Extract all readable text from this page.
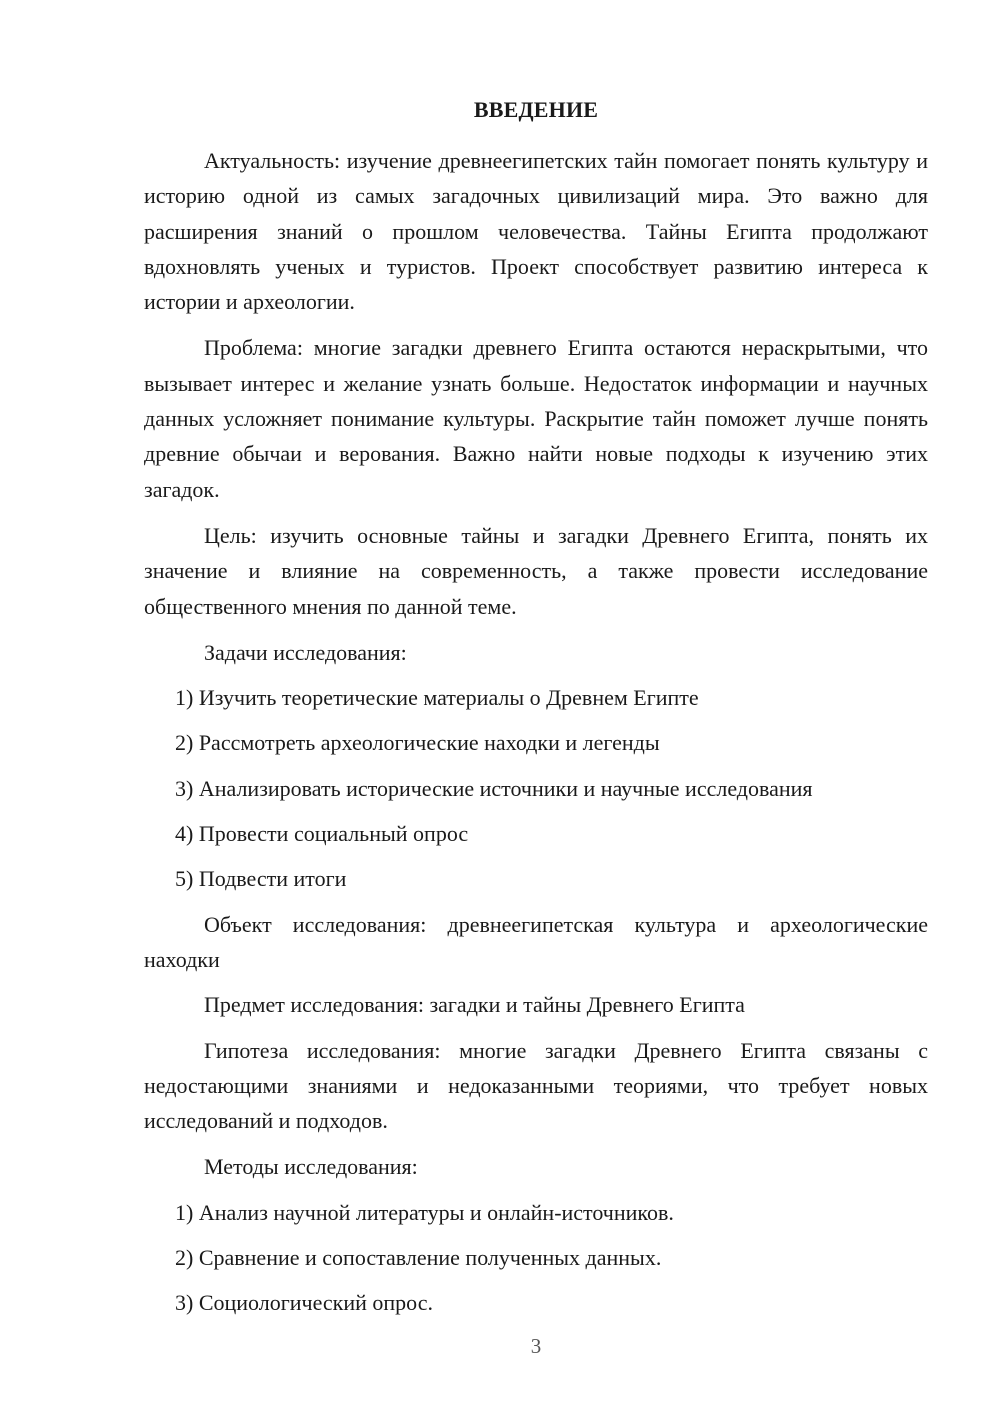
ВВЕДЕНИЕ

Актуальность: изучение древнеегипетских тайн помогает понять культуру и историю одной из самых загадочных цивилизаций мира. Это важно для расширения знаний о прошлом человечества. Тайны Египта продолжают вдохновлять ученых и туристов. Проект способствует развитию интереса к истории и археологии.

Проблема: многие загадки древнего Египта остаются нераскрытыми, что вызывает интерес и желание узнать больше. Недостаток информации и научных данных усложняет понимание культуры. Раскрытие тайн поможет лучше понять древние обычаи и верования. Важно найти новые подходы к изучению этих загадок.

Цель: изучить основные тайны и загадки Древнего Египта, понять их значение и влияние на современность, а также провести исследование общественного мнения по данной теме.

Задачи исследования:

1) Изучить теоретические материалы о Древнем Египте

2) Рассмотреть археологические находки и легенды

3) Анализировать исторические источники и научные исследования

4) Провести социальный опрос

5) Подвести итоги

Объект исследования: древнеегипетская культура и археологические находки

Предмет исследования: загадки и тайны Древнего Египта

Гипотеза исследования: многие загадки Древнего Египта связаны с недостающими знаниями и недоказанными теориями, что требует новых исследований и подходов.

Методы исследования:

1) Анализ научной литературы и онлайн-источников.

2) Сравнение и сопоставление полученных данных.

3) Социологический опрос.

3
